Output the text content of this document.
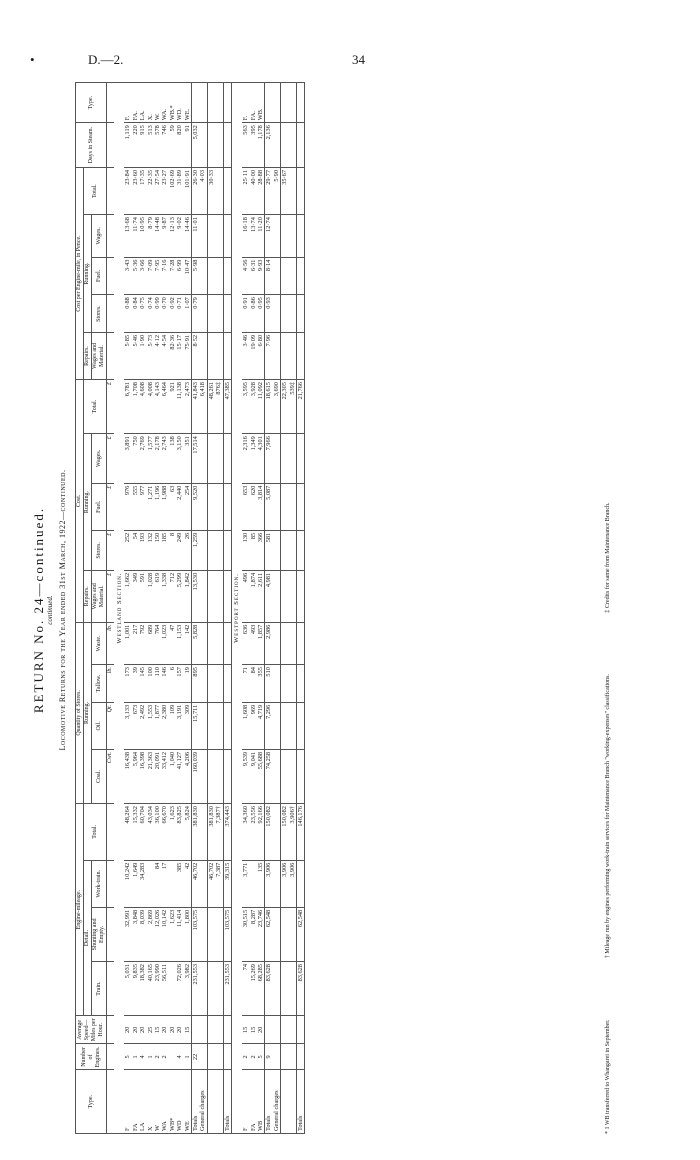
•	D.—2.	34
RETURN No. 24—continued. continued. Locomotive Returns for the Year ended 31st March, 1922—continued.
Type.	Number of Engines.	Average Speed—Miles per Hour.	Engine-mileage.				Quantity of Stores.				Cost.					Cost per Engine-mile, in Pence.					Days in Steam.	Type.
			Detail.			Total.	Running.				Repairs.	Running.			Total.	Repairs.	Running.			Total.		
																	Stores.	Fuel.	Wages.			
			Train.	Shunting and Empty.	Work-train.		Coal.	Oil.	Tallow.	Waste.	Wages and Material.	Stores.	Fuel.	Wages.		Wages and Material.						
							Cwt.	Qt.	lb.	lb.	£	£	£	£	£							
Westland Section.																						
F	5	20	5,031	32,991	10,242	48,264	16,438	3,133	173	1,001	1,662	252	976	3,891	6,781	5·85	0·88	3·43	13·68	23·84	1,119	F.
FA	1	20	9,835	3,848	1,649	15,332	5,964	673	39	217	349	54	555	750	1,708	5·46	0·84	5·36	11·74	23·60	220	FA.
LA	4	20	18,382	8,039	34,283	60,704	16,398	2,492	145	792	591	193	977	2,769	4,608	1·90	0·75	3·66	10·95	17·35	915	LA.
X	1	25	40,165	2,869		43,034	21,363	1,553	100	689	1,028	132	1,271	1,577	4,008	5·73	0·74	7·09	8·79	22·35	513	X.
W	2	15	23,990	12,026	84	36,100	20,091	1,877	110	764	619	150	1,196	2,178	4,143	4·12	0·99	7·95	14·48	27·54	578	W.
WA	2	20	56,511	10,142	17	66,670	33,412	2,380	146	1,023	1,338	185	1,988	2,743	6,464	4·54	0·70	7·16	9·87	23·27	746	WA.
WB*		20		1,623		1,623	1,040	109	6	47	712	8	63	138	921	82·36	0·92	7·28	12·13	102·69	59	WB.*
WD	4	20	72,026	11,414	385	83,825	41,127	3,191	157	1,153	5,299	249	2,440	3,150	11,138	15·17	0·71	6·99	9·02	31·89	820	WD.
WE	1	15	3,982	1,800	42	5,824	4,206	309	19	142	1,842	26	254	351	2,473	75·91	1·07	10·47	14·46	101·91	91	WE.
Totals	22		231,553	103,575	46,702	381,830	160,039	15,711	895	5,828	13,530	1,259	9,520	17,514	41,843	8·52	0·79	5·98	11·01	26·30	5,032	
General charges															6,418					4·03		
					46,702	381,830									48,261					30·33		
					7,387	7,387†									876‡							
Totals			231,553	103,575	39,315	374,443									47,385							
Westport Section.																						
F	2	15	74	30,515	3,771	34,360	9,539	1,608	71	636	496	130	653	2,316	3,595	3·46	0·91	4·56	16·18	25·11	563	F.
FA	2	15	15,269	8,287		23,556	9,041	969	84	493	1,874	85	620	1,349	3,928	19·09	0·86	6·31	13·74	40·00	395	FA.
WB	5	20	68,285	23,746	135	92,166	55,688	4,719	355	1,857	2,611	366	3,814	4,301	11,092	6·80	0·95	9·93	11·20	28·88	1,178	WB.
Totals	9		83,628	62,548	3,906	150,082	74,258	7,296	510	2,986	4,981	581	5,087	7,966	18,615	7·96	0·93	8·14	12·74	29·77	2,136	
General charges															3,690					5·90		
					3,906	150,082									22,305					35·67		
					3,906	3,906†									539‡							
Totals			83,628	62,548		146,176									21,766							
* 1 WB transferred to Whangarei in September. † Mileage run by engines performing work-train services for Maintenance Branch "working-expenses" classifications. ‡ Credits for same from Maintenance Branch.
